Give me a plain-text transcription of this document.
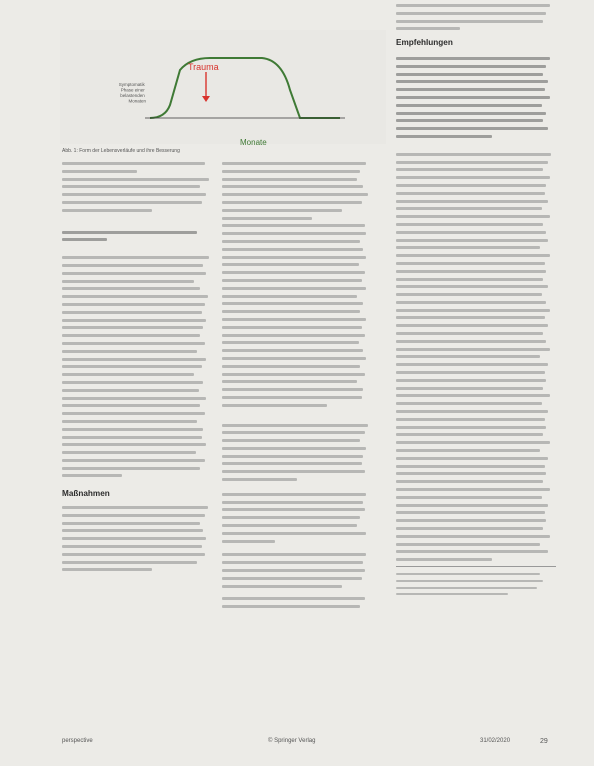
Trauma
Monate
Symptomatik Phase einer belastenden Monaten
Abb. 1: Form der Lebensverläufe und ihre Besserung
Maßnahmen
Empfehlungen
perspective	© Springer Verlag	31/02/2020	29
